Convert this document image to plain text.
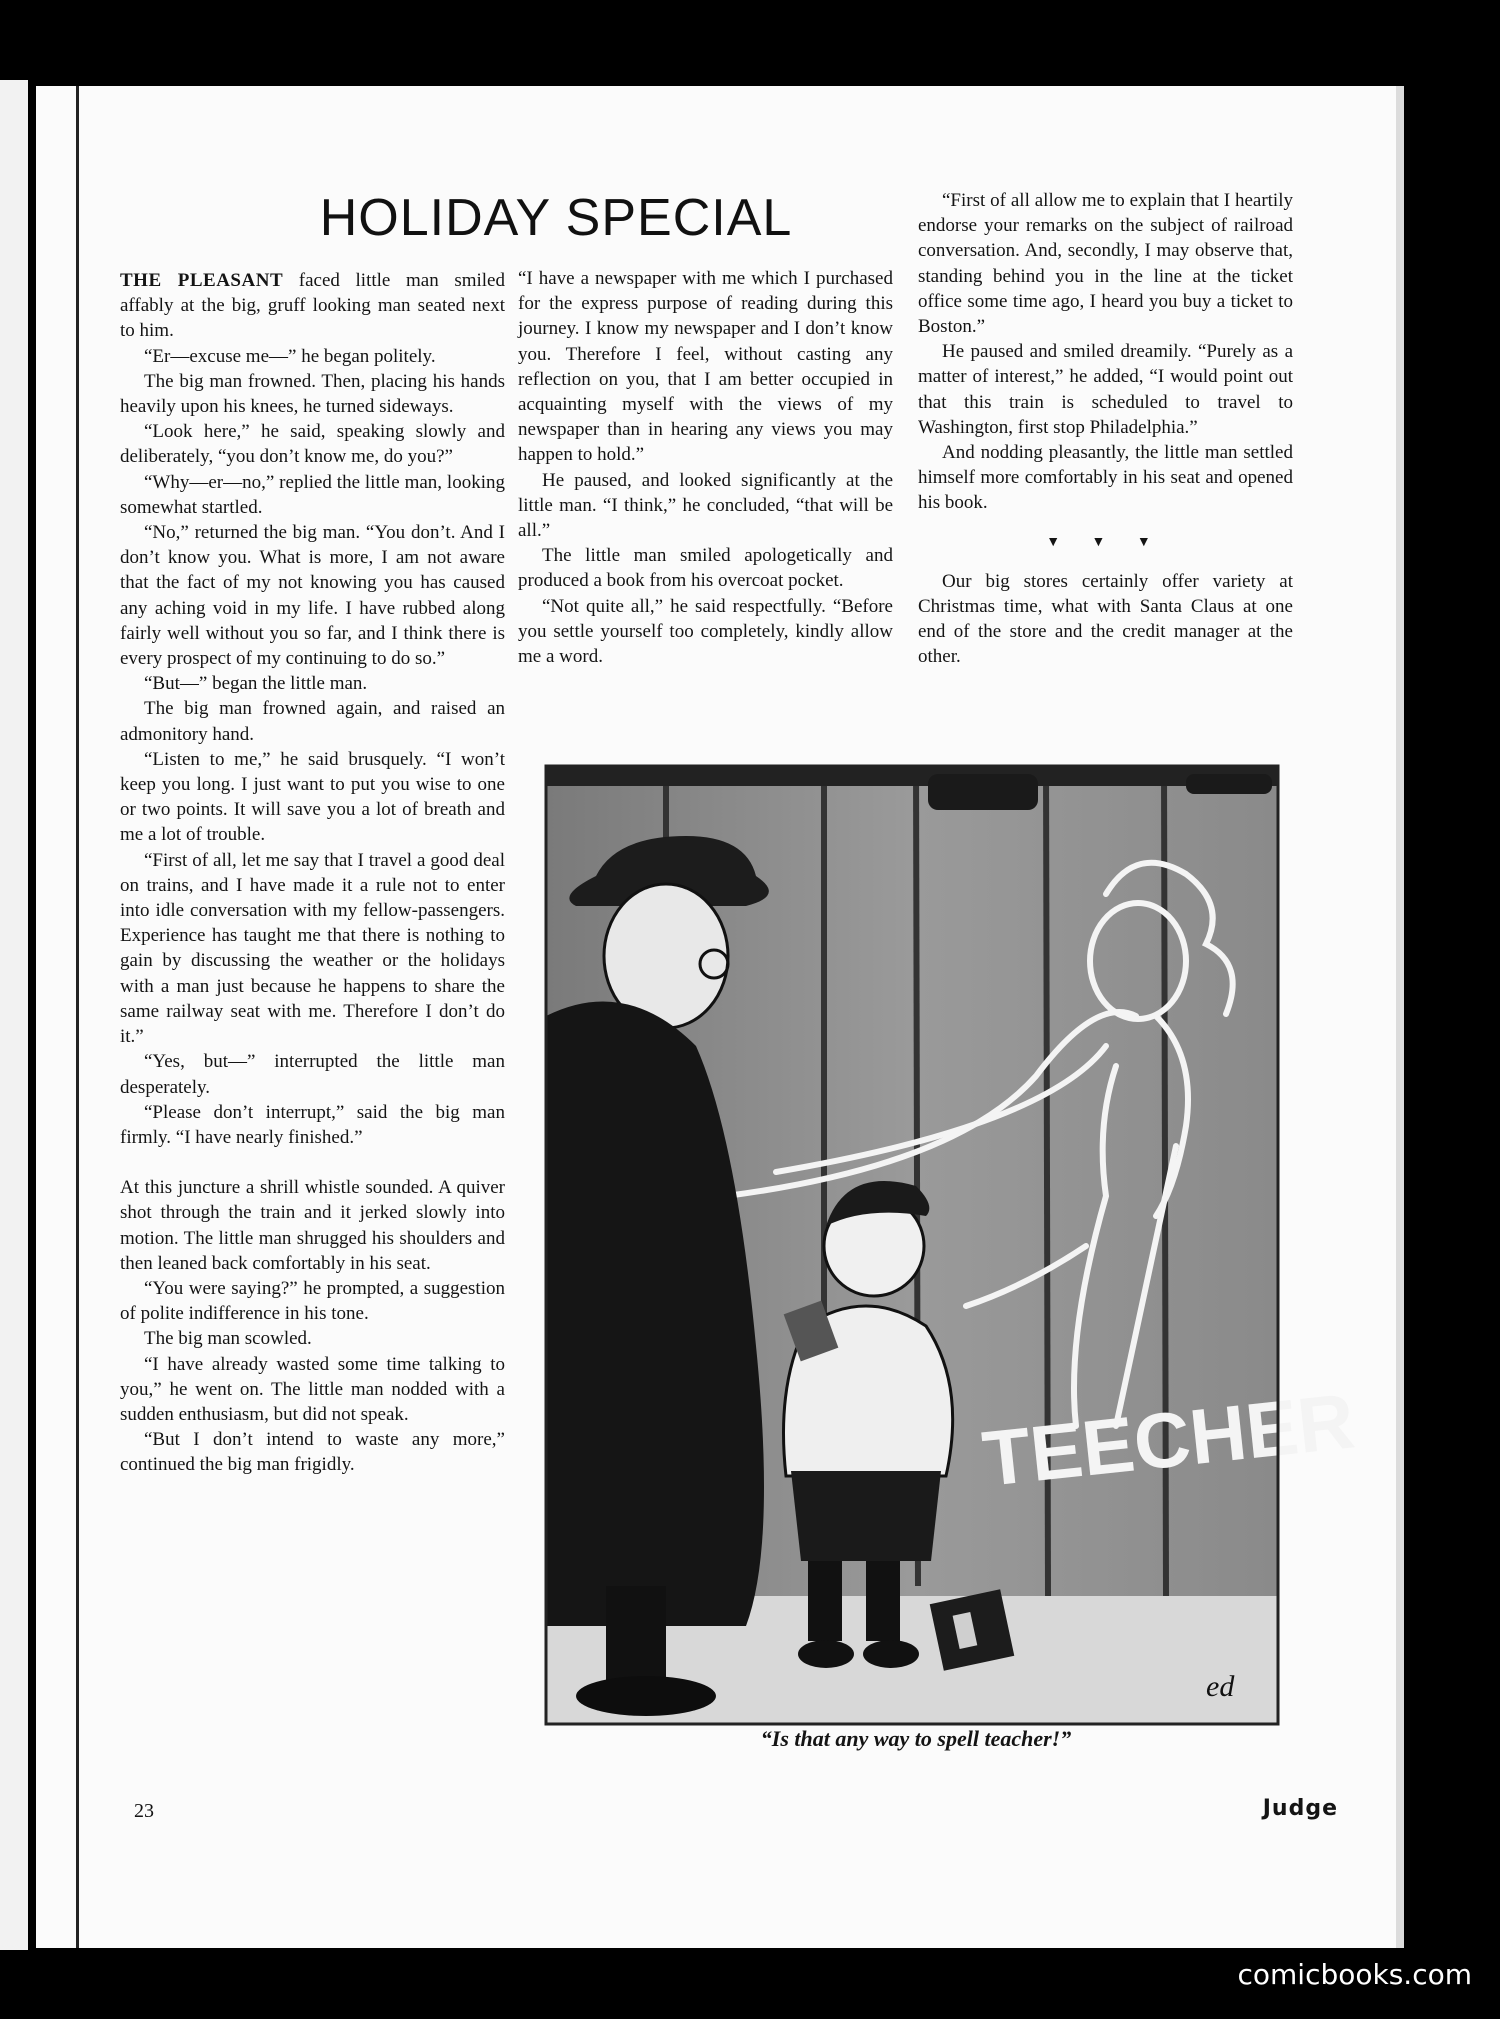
HOLIDAY SPECIAL

THE PLEASANT faced little man smiled affably at the big, gruff looking man seated next to him.

“Er—excuse me—” he began politely.

The big man frowned. Then, placing his hands heavily upon his knees, he turned sideways.

“Look here,” he said, speaking slowly and deliberately, “you don’t know me, do you?”

“Why—er—no,” replied the little man, looking somewhat startled.

“No,” returned the big man. “You don’t. And I don’t know you. What is more, I am not aware that the fact of my not knowing you has caused any aching void in my life. I have rubbed along fairly well without you so far, and I think there is every prospect of my continuing to do so.”

“But—” began the little man.

The big man frowned again, and raised an admonitory hand.

“Listen to me,” he said brusquely. “I won’t keep you long. I just want to put you wise to one or two points. It will save you a lot of breath and me a lot of trouble.

“First of all, let me say that I travel a good deal on trains, and I have made it a rule not to enter into idle conversation with my fellow-passengers. Experience has taught me that there is nothing to gain by discussing the weather or the holidays with a man just because he happens to share the same railway seat with me. Therefore I don’t do it.”

“Yes, but—” interrupted the little man desperately.

“Please don’t interrupt,” said the big man firmly. “I have nearly finished.”

At this juncture a shrill whistle sounded. A quiver shot through the train and it jerked slowly into motion. The little man shrugged his shoulders and then leaned back comfortably in his seat.

“You were saying?” he prompted, a suggestion of polite indifference in his tone.

The big man scowled.

“I have already wasted some time talking to you,” he went on. The little man nodded with a sudden enthusiasm, but did not speak.

“But I don’t intend to waste any more,” continued the big man frigidly.

“I have a newspaper with me which I purchased for the express purpose of reading during this journey. I know my newspaper and I don’t know you. Therefore I feel, without casting any reflection on you, that I am better occupied in acquainting myself with the views of my newspaper than in hearing any views you may happen to hold.”

He paused, and looked significantly at the little man. “I think,” he concluded, “that will be all.”

The little man smiled apologetically and produced a book from his overcoat pocket.

“Not quite all,” he said respectfully. “Before you settle yourself too completely, kindly allow me a word.

“First of all allow me to explain that I heartily endorse your remarks on the subject of railroad conversation. And, secondly, I may observe that, standing behind you in the line at the ticket office some time ago, I heard you buy a ticket to Boston.”

He paused and smiled dreamily. “Purely as a matter of interest,” he added, “I would point out that this train is scheduled to travel to Washington, first stop Philadelphia.”

And nodding pleasantly, the little man settled himself more comfortably in his seat and opened his book.

▼ ▼ ▼

Our big stores certainly offer variety at Christmas time, what with Santa Claus at one end of the store and the credit manager at the other.

TEECHER
ed
“Is that any way to spell teacher!”
23	Judge
comicbooks.com
